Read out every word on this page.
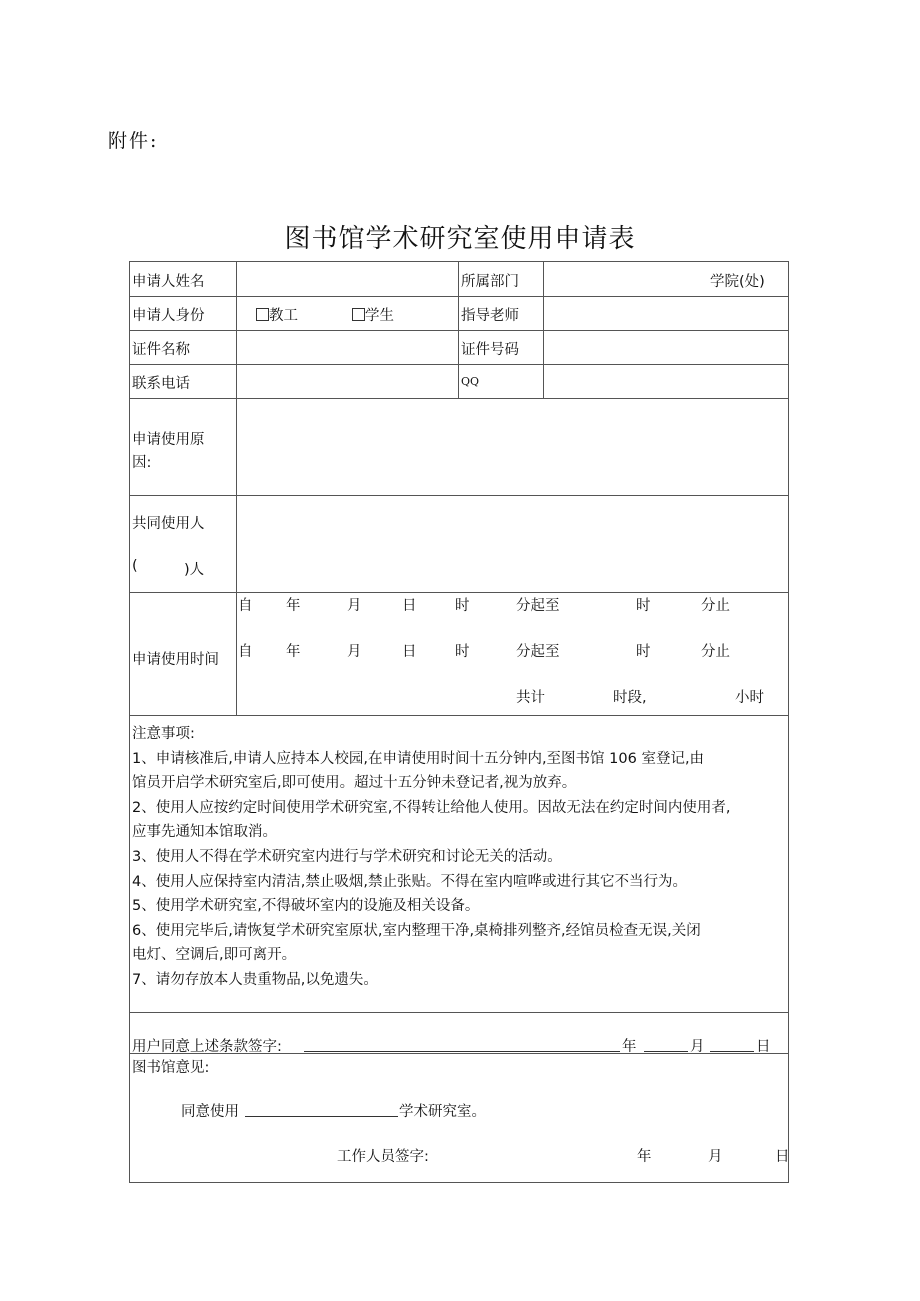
附件:
图书馆学术研究室使用申请表
申请人姓名	所属部门	学院(处)
申请人身份	教工	学生	指导老师
证件名称	证件号码
联系电话	QQ
申请使用原
因:
共同使用人
(	)人
申请使用时间
自 年	月	日	时	分起至	时	分止
自 年	月	日	时	分起至	时	分止
共计	时段,	小时
注意事项:
1、申请核准后,申请人应持本人校园,在申请使用时间十五分钟内,至图书馆 106 室登记,由
馆员开启学术研究室后,即可使用。超过十五分钟未登记者,视为放弃。
2、使用人应按约定时间使用学术研究室,不得转让给他人使用。因故无法在约定时间内使用者,
应事先通知本馆取消。
3、使用人不得在学术研究室内进行与学术研究和讨论无关的活动。
4、使用人应保持室内清洁,禁止吸烟,禁止张贴。不得在室内喧哗或进行其它不当行为。
5、使用学术研究室,不得破坏室内的设施及相关设备。
6、使用完毕后,请恢复学术研究室原状,室内整理干净,桌椅排列整齐,经馆员检查无误,关闭
电灯、空调后,即可离开。
7、请勿存放本人贵重物品,以免遗失。
用户同意上述条款签字:	年	月	日
图书馆意见:
同意使用	学术研究室。
工作人员签字:	年	月	日
